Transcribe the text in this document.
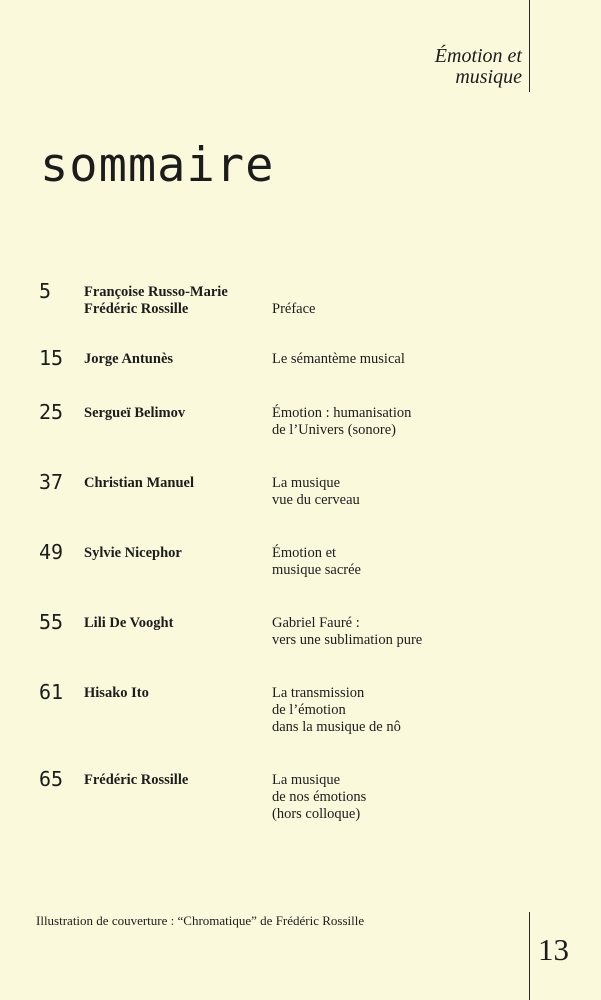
Émotion et
musique
sommaire
5 Françoise Russo-Marie
Frédéric Rossille
	Préface
15 Jorge Antunès	Le sémantème musical
25 Sergueï Belimov	Émotion : humanisation
de l’Univers (sonore)
37 Christian Manuel	La musique
vue du cerveau
49 Sylvie Nicephor	Émotion et
musique sacrée
55 Lili De Vooght	Gabriel Fauré :
vers une sublimation pure
61 Hisako Ito	La transmission
de l’émotion
dans la musique de nô
65 Frédéric Rossille	La musique
de nos émotions
(hors colloque)
Illustration de couverture : “Chromatique” de Frédéric Rossille
13
